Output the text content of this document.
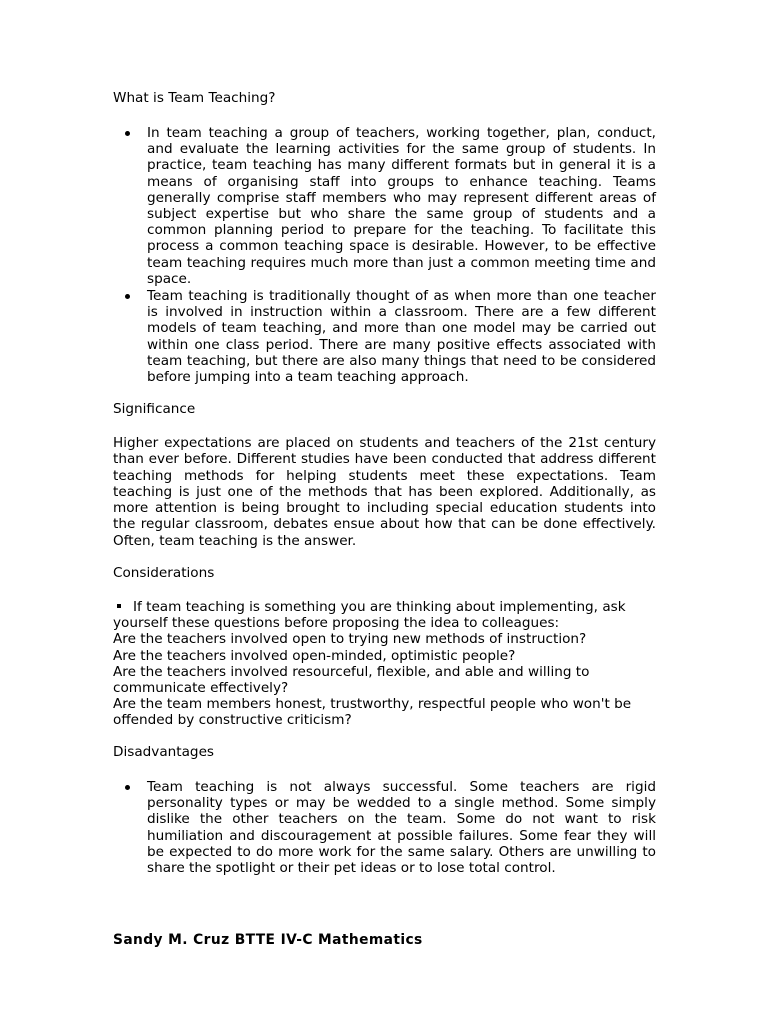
What is Team Teaching?
In team teaching a group of teachers, working together, plan, conduct, and evaluate the learning activities for the same group of students. In practice, team teaching has many different formats but in general it is a means of organising staff into groups to enhance teaching. Teams generally comprise staff members who may represent different areas of subject expertise but who share the same group of students and a common planning period to prepare for the teaching. To facilitate this process a common teaching space is desirable. However, to be effective team teaching requires much more than just a common meeting time and space.
Team teaching is traditionally thought of as when more than one teacher is involved in instruction within a classroom. There are a few different models of team teaching, and more than one model may be carried out within one class period. There are many positive effects associated with team teaching, but there are also many things that need to be considered before jumping into a team teaching approach.
Significance

Higher expectations are placed on students and teachers of the 21st century than ever before. Different studies have been conducted that address different teaching methods for helping students meet these expectations. Team teaching is just one of the methods that has been explored. Additionally, as more attention is being brought to including special education students into the regular classroom, debates ensue about how that can be done effectively. Often, team teaching is the answer.

Considerations
If team teaching is something you are thinking about implementing, ask
yourself these questions before proposing the idea to colleagues:
Are the teachers involved open to trying new methods of instruction?
Are the teachers involved open-minded, optimistic people?
Are the teachers involved resourceful, flexible, and able and willing to
communicate effectively?
Are the team members honest, trustworthy, respectful people who won't be
offended by constructive criticism?
Disadvantages
Team teaching is not always successful. Some teachers are rigid personality types or may be wedded to a single method. Some simply dislike the other teachers on the team. Some do not want to risk humiliation and discouragement at possible failures. Some fear they will be expected to do more work for the same salary. Others are unwilling to share the spotlight or their pet ideas or to lose total control.

Sandy M. Cruz BTTE IV-C Mathematics
